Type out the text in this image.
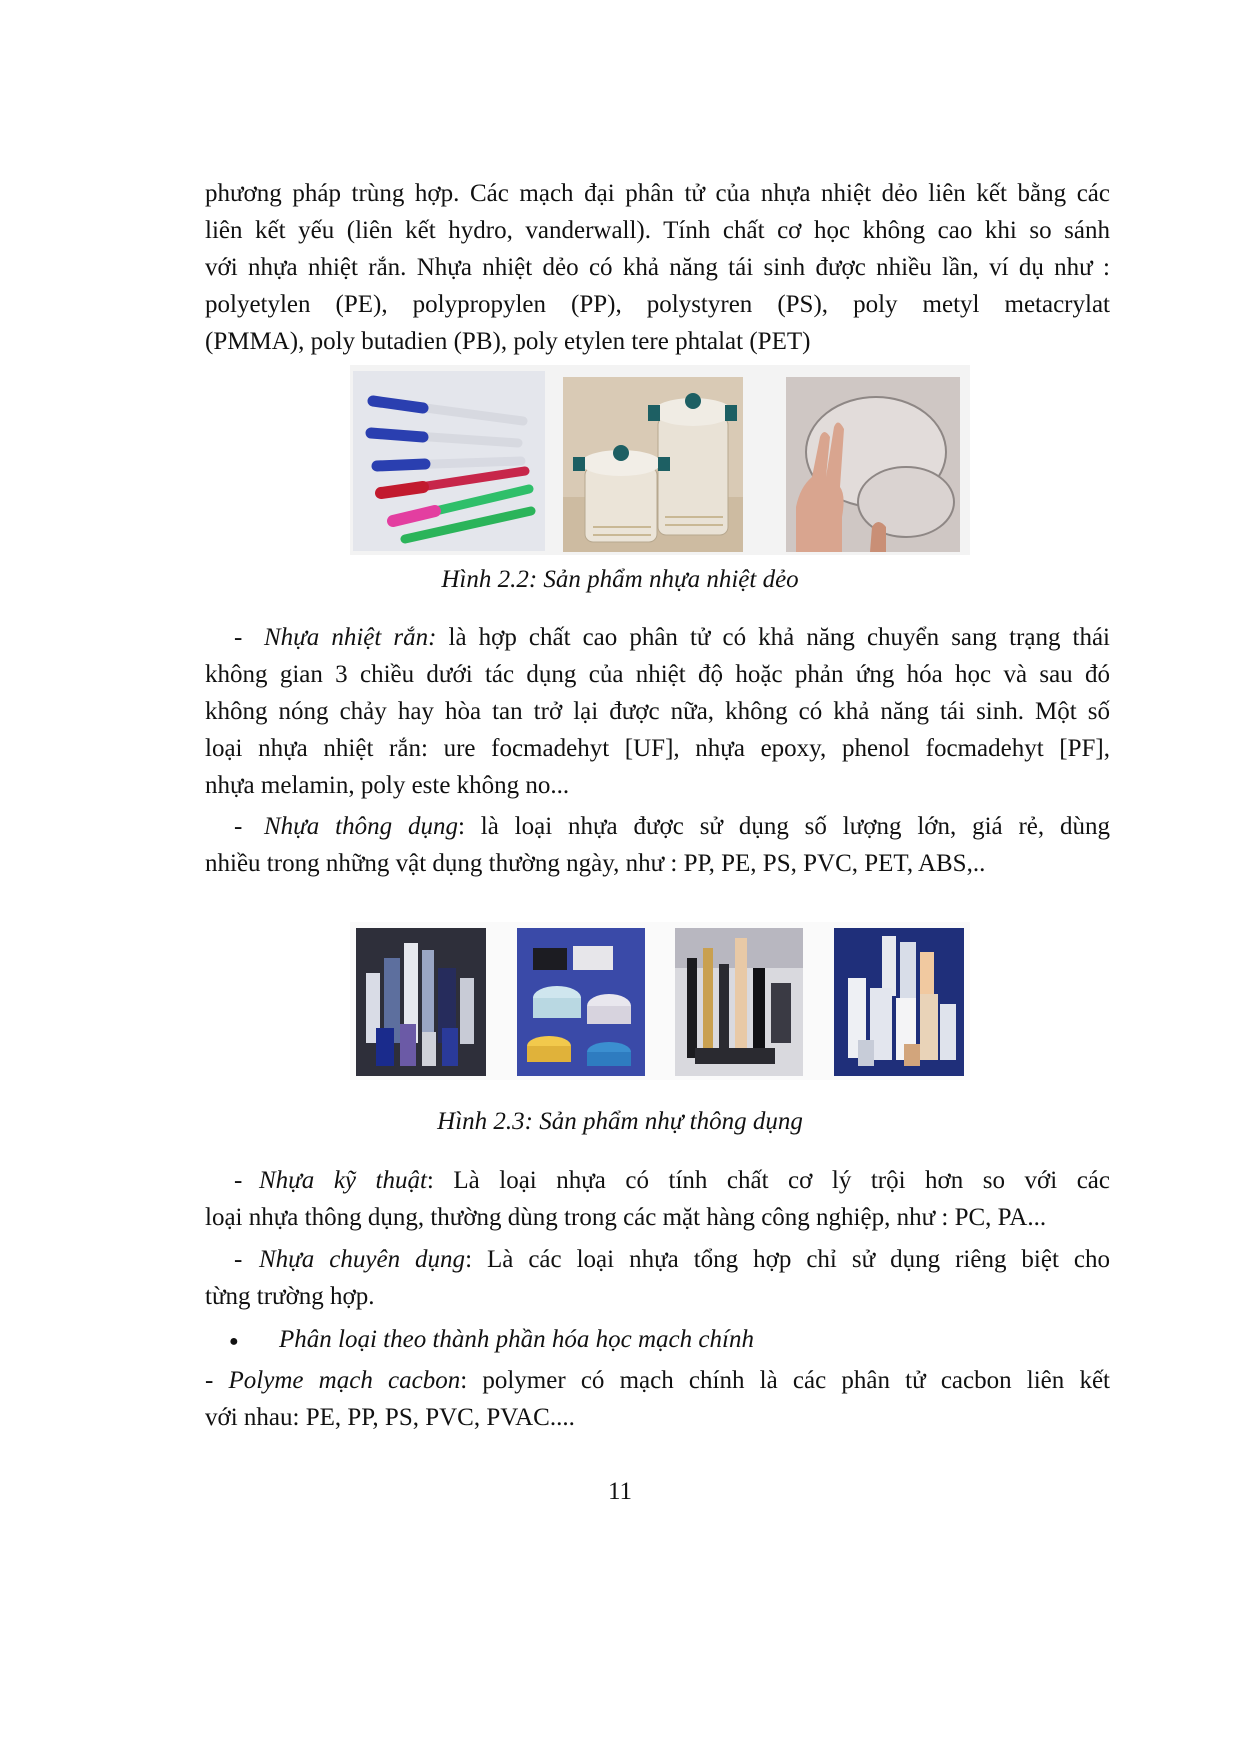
phương pháp trùng hợp. Các mạch đại phân tử của nhựa nhiệt dẻo liên kết bằng các
liên kết yếu (liên kết hydro, vanderwall). Tính chất cơ học không cao khi so sánh
với nhựa nhiệt rắn. Nhựa nhiệt dẻo có khả năng tái sinh được nhiều lần, ví dụ như :
polyetylen (PE), polypropylen (PP), polystyren (PS), poly metyl metacrylat
(PMMA), poly butadien (PB), poly etylen tere phtalat (PET)

Hình 2.2: Sản phẩm nhựa nhiệt dẻo

- Nhựa nhiệt rắn: là hợp chất cao phân tử có khả năng chuyển sang trạng thái
không gian 3 chiều dưới tác dụng của nhiệt độ hoặc phản ứng hóa học và sau đó
không nóng chảy hay hòa tan trở lại được nữa, không có khả năng tái sinh. Một số
loại nhựa nhiệt rắn: ure focmadehyt [UF], nhựa epoxy, phenol focmadehyt [PF],
nhựa melamin, poly este không no...
- Nhựa thông dụng: là loại nhựa được sử dụng số lượng lớn, giá rẻ, dùng
nhiều trong những vật dụng thường ngày, như : PP, PE, PS, PVC, PET, ABS,..

Hình 2.3: Sản phẩm nhự thông dụng

- Nhựa kỹ thuật: Là loại nhựa có tính chất cơ lý trội hơn so với các
loại nhựa thông dụng, thường dùng trong các mặt hàng công nghiệp, như : PC, PA...
- Nhựa chuyên dụng: Là các loại nhựa tổng hợp chỉ sử dụng riêng biệt cho
từng trường hợp.
● Phân loại theo thành phần hóa học mạch chính
- Polyme mạch cacbon: polymer có mạch chính là các phân tử cacbon liên kết
với nhau: PE, PP, PS, PVC, PVAC....
11
